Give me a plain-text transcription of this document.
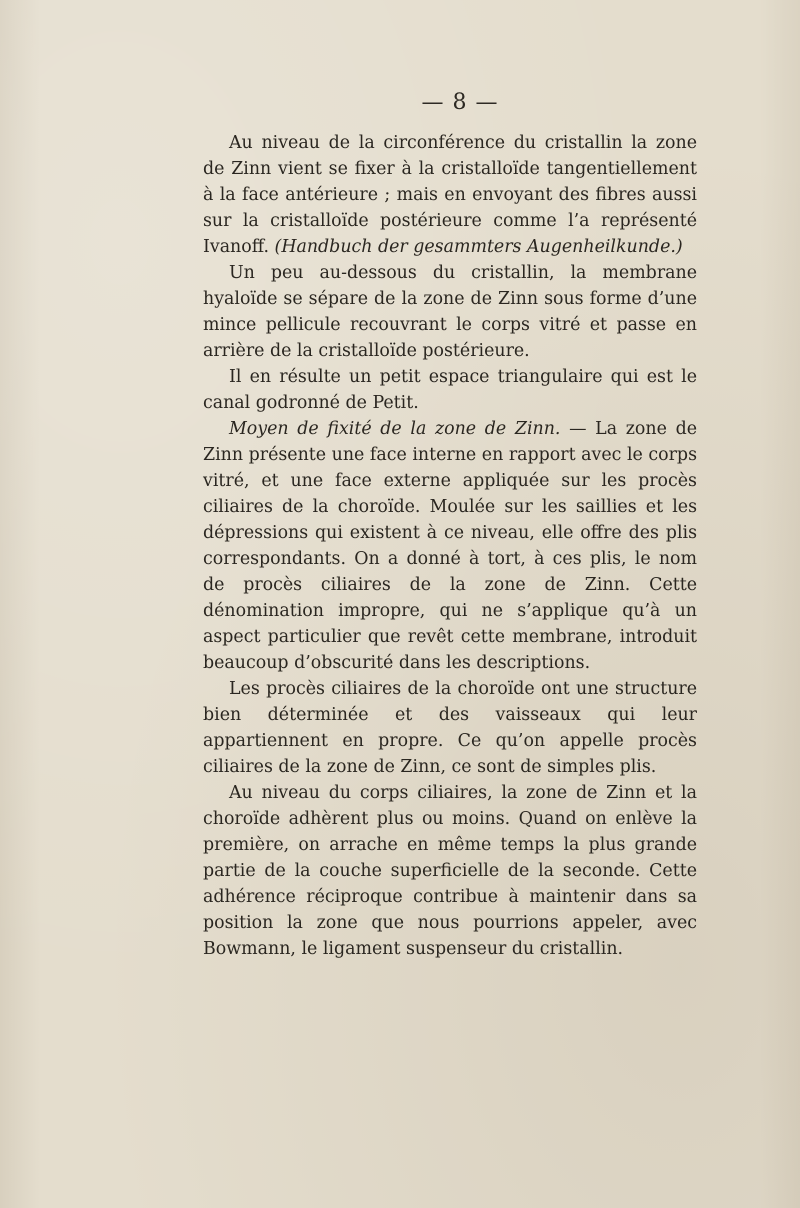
— 8 —

Au niveau de la circonférence du cristallin la zone de Zinn vient se fixer à la cristalloïde tangentiellement à la face antérieure ; mais en envoyant des fibres aussi sur la cristalloïde postérieure comme l’a représenté Ivanoff. (Handbuch der gesammters Augenheilkunde.)

Un peu au-dessous du cristallin, la membrane hyaloïde se sépare de la zone de Zinn sous forme d’une mince pellicule recouvrant le corps vitré et passe en arrière de la cristalloïde postérieure.

Il en résulte un petit espace triangulaire qui est le canal godronné de Petit.

Moyen de fixité de la zone de Zinn. — La zone de Zinn présente une face interne en rapport avec le corps vitré, et une face externe appliquée sur les procès ciliaires de la choroïde. Moulée sur les saillies et les dépressions qui existent à ce niveau, elle offre des plis correspondants. On a donné à tort, à ces plis, le nom de procès ciliaires de la zone de Zinn. Cette dénomination impropre, qui ne s’applique qu’à un aspect particulier que revêt cette membrane, introduit beaucoup d’obscurité dans les descriptions.

Les procès ciliaires de la choroïde ont une structure bien déterminée et des vaisseaux qui leur appartiennent en propre. Ce qu’on appelle procès ciliaires de la zone de Zinn, ce sont de simples plis.

Au niveau du corps ciliaires, la zone de Zinn et la choroïde adhèrent plus ou moins. Quand on enlève la première, on arrache en même temps la plus grande partie de la couche superficielle de la seconde. Cette adhérence réciproque contribue à maintenir dans sa position la zone que nous pourrions appeler, avec Bowmann, le ligament suspenseur du cristallin.
